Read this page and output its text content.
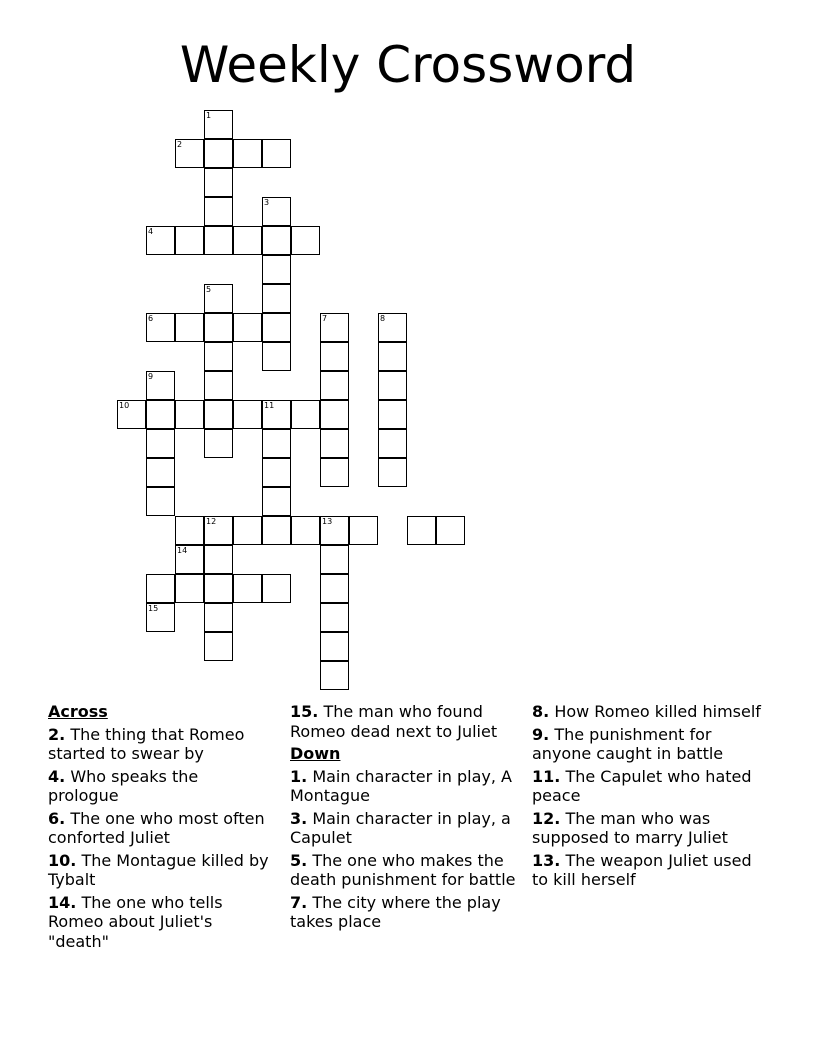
Weekly Crossword
1
2
4
5
6	7	8
9
10	11
13
3
12
14
15
Across
2. The thing that Romeo started to swear by
4. Who speaks the prologue
6. The one who most often conforted Juliet
10. The Montague killed by Tybalt
14. The one who tells Romeo about Juliet's "death"
15. The man who found Romeo dead next to Juliet
Down
1. Main character in play, A Montague
3. Main character in play, a Capulet
5. The one who makes the death punishment for battle
7. The city where the play takes place
8. How Romeo killed himself
9. The punishment for anyone caught in battle
11. The Capulet who hated peace
12. The man who was supposed to marry Juliet
13. The weapon Juliet used to kill herself
